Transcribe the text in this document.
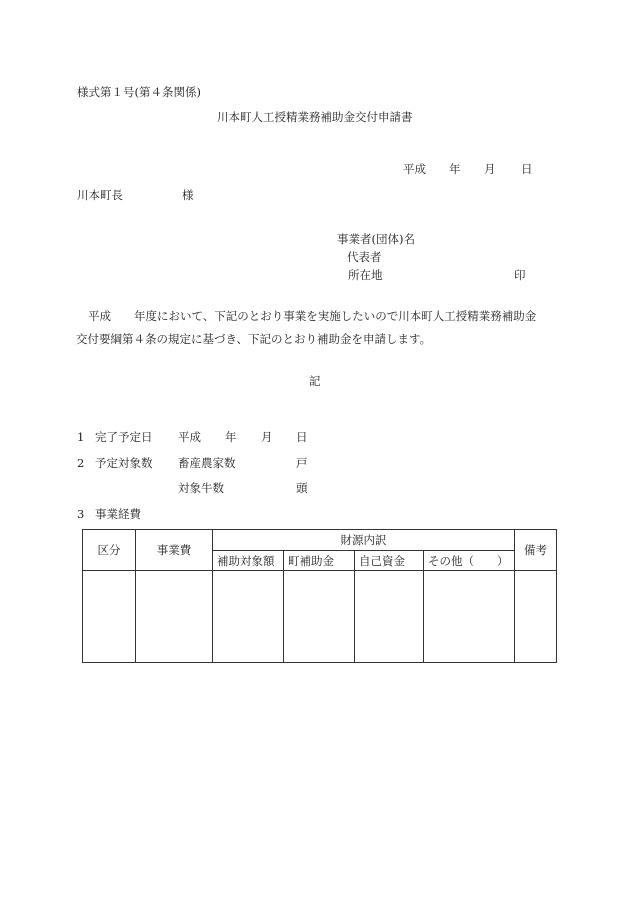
様式第１号(第４条関係)
川本町人工授精業務補助金交付申請書
平成 年 月 日
川本町長	様
事業者(団体)名
代表者
所在地	印
平成　　年度において、下記のとおり事業を実施したいので川本町人工授精業務補助金
交付要綱第４条の規定に基づき、下記のとおり補助金を申請します。
記
1 完了予定日 平成 年 月 日
2 予定対象数 畜産農家数	戸
対象牛数	頭
3 事業経費
区分	事業費	財源内訳				備考
		補助対象額	町補助金	自己資金	その他（　　）	
